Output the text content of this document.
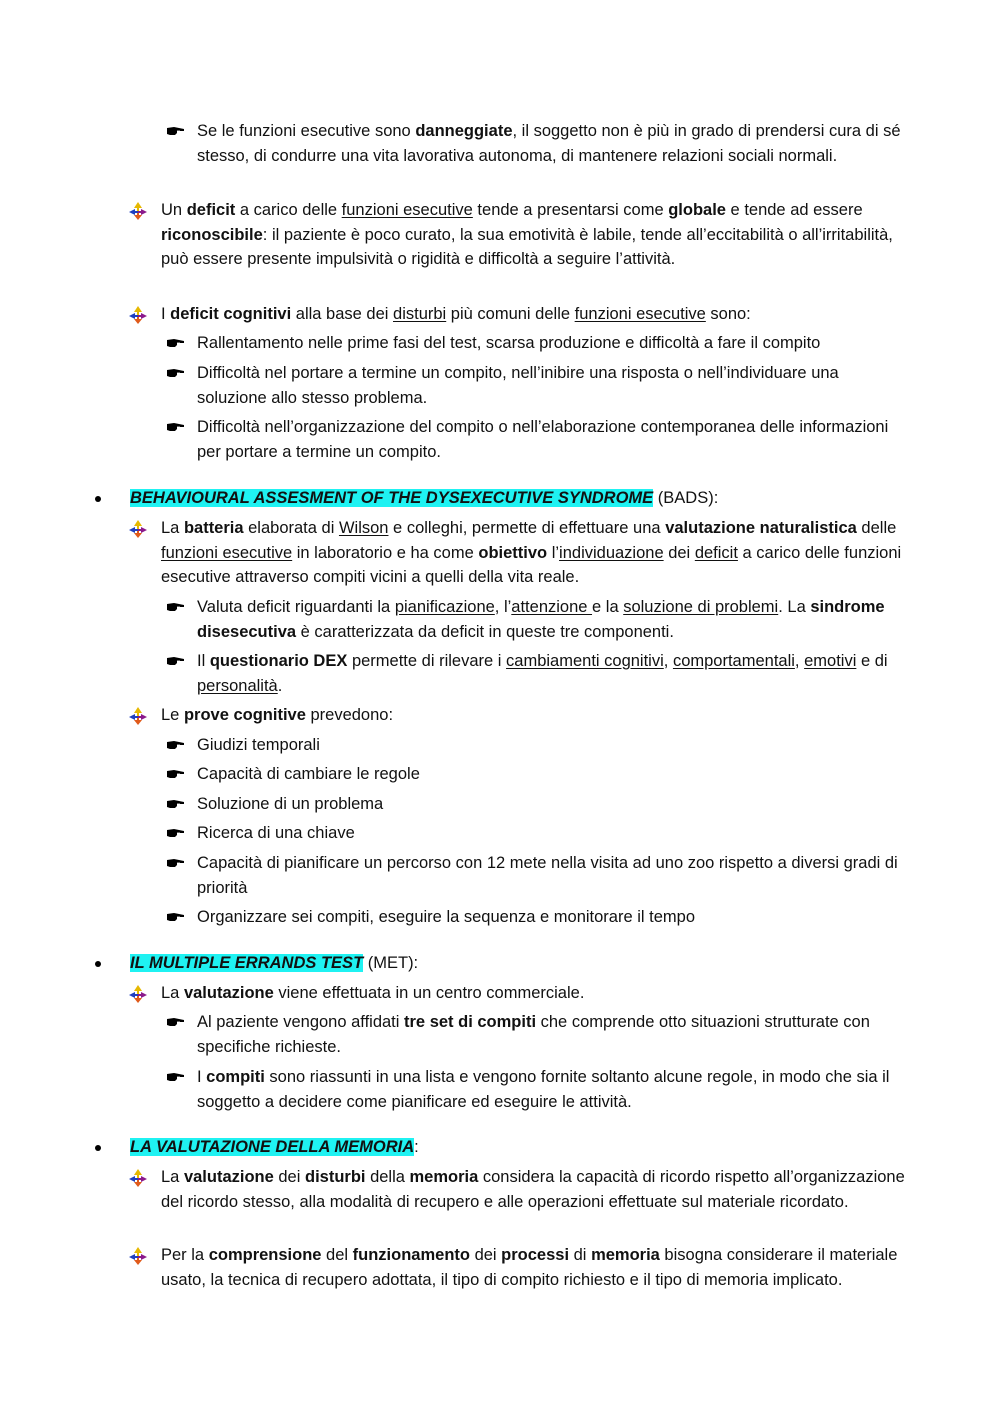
Se le funzioni esecutive sono danneggiate, il soggetto non è più in grado di prendersi cura di sé stesso, di condurre una vita lavorativa autonoma, di mantenere relazioni sociali normali.
Un deficit a carico delle funzioni esecutive tende a presentarsi come globale e tende ad essere riconoscibile: il paziente è poco curato, la sua emotività è labile, tende all’eccitabilità o all’irritabilità, può essere presente impulsività o rigidità e difficoltà a seguire l’attività.
I deficit cognitivi alla base dei disturbi più comuni delle funzioni esecutive sono:
Rallentamento nelle prime fasi del test, scarsa produzione e difficoltà a fare il compito
Difficoltà nel portare a termine un compito, nell’inibire una risposta o nell’individuare una soluzione allo stesso problema.
Difficoltà nell’organizzazione del compito o nell’elaborazione contemporanea delle informazioni per portare a termine un compito.
BEHAVIOURAL ASSESMENT OF THE DYSEXECUTIVE SYNDROME (BADS):
La batteria elaborata di Wilson e colleghi, permette di effettuare una valutazione naturalistica delle funzioni esecutive in laboratorio e ha come obiettivo l’individuazione dei deficit a carico delle funzioni esecutive attraverso compiti vicini a quelli della vita reale.
Valuta deficit riguardanti la pianificazione, l’attenzione e la soluzione di problemi. La sindrome disesecutiva è caratterizzata da deficit in queste tre componenti.
Il questionario DEX permette di rilevare i cambiamenti cognitivi, comportamentali, emotivi e di personalità.
Le prove cognitive prevedono:
Giudizi temporali
Capacità di cambiare le regole
Soluzione di un problema
Ricerca di una chiave
Capacità di pianificare un percorso con 12 mete nella visita ad uno zoo rispetto a diversi gradi di priorità
Organizzare sei compiti, eseguire la sequenza e monitorare il tempo
IL MULTIPLE ERRANDS TEST (MET):
La valutazione viene effettuata in un centro commerciale.
Al paziente vengono affidati tre set di compiti che comprende otto situazioni strutturate con specifiche richieste.
I compiti sono riassunti in una lista e vengono fornite soltanto alcune regole, in modo che sia il soggetto a decidere come pianificare ed eseguire le attività.
LA VALUTAZIONE DELLA MEMORIA:
La valutazione dei disturbi della memoria considera la capacità di ricordo rispetto all’organizzazione del ricordo stesso, alla modalità di recupero e alle operazioni effettuate sul materiale ricordato.
Per la comprensione del funzionamento dei processi di memoria bisogna considerare il materiale usato, la tecnica di recupero adottata, il tipo di compito richiesto e il tipo di memoria implicato.
